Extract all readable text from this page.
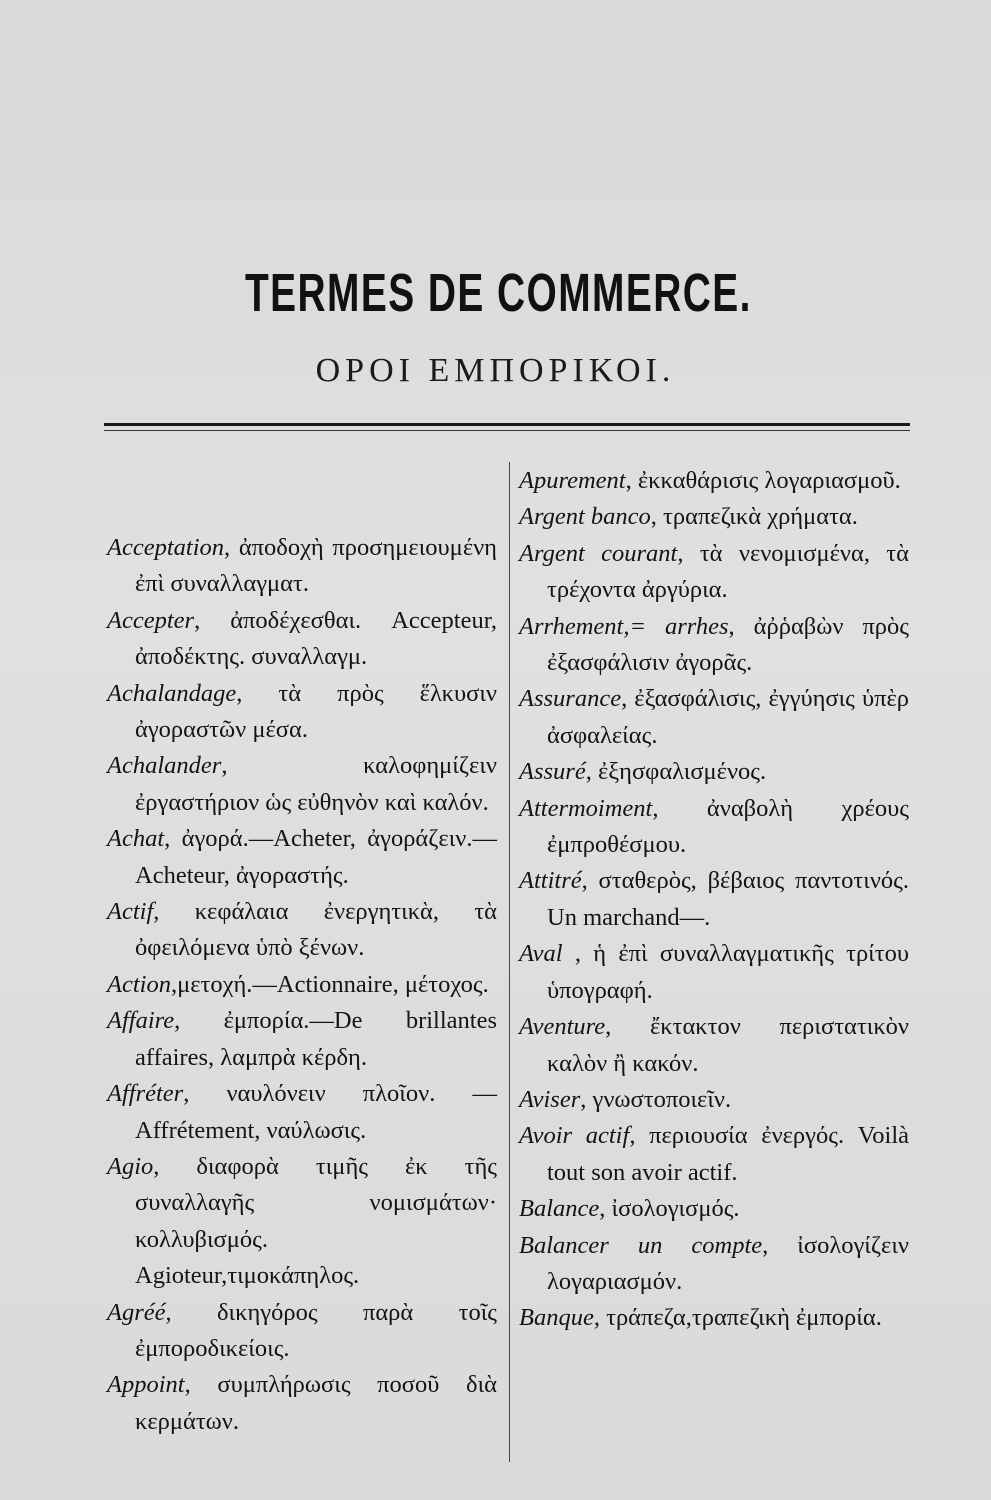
TERMES DE COMMERCE.
ΟΡΟΙ ΕΜΠΟΡΙΚΟΙ.

Acceptation, ἀποδοχὴ προσημειουμένη ἐπὶ συναλλαγματ.

Accepter, ἀποδέχεσθαι. Accepteur, ἀποδέκτης. συναλλαγμ.

Achalandage, τὰ πρὸς ἕλκυσιν ἀγοραστῶν μέσα.

Achalander, καλοφημίζειν ἐργαστήριον ὡς εὐθηνὸν καὶ καλόν.

Achat, ἀγορά.—Acheter, ἀγοράζειν.—Acheteur, ἀγοραστής.

Actif, κεφάλαια ἐνεργητικὰ, τὰ ὀφειλόμενα ὑπὸ ξένων.

Action,μετοχή.—Actionnaire, μέτοχος.

Affaire, ἐμπορία.—De brillantes affaires, λαμπρὰ κέρδη.

Affréter, ναυλόνειν πλοῖον. — Affrétement, ναύλωσις.

Agio, διαφορὰ τιμῆς ἐκ τῆς συναλλαγῆς νομισμάτων· κολλυβισμός. Agioteur,τιμοκάπηλος.

Agréé, δικηγόρος παρὰ τοῖς ἐμποροδικείοις.

Appoint, συμπλήρωσις ποσοῦ διὰ κερμάτων.

Apurement, ἐκκαθάρισις λογαριασμοῦ.

Argent banco, τραπεζικὰ χρήματα.

Argent courant, τὰ νενομισμένα, τὰ τρέχοντα ἀργύρια.

Arrhement,= arrhes, ἀῤῥαβὼν πρὸς ἐξασφάλισιν ἀγορᾶς.

Assurance, ἐξασφάλισις, ἐγγύησις ὑπὲρ ἀσφαλείας.

Assuré, ἐξησφαλισμένος.

Attermoiment, ἀναβολὴ χρέους ἐμπροθέσμου.

Attitré, σταθερὸς, βέβαιος παντοτινός. Un marchand—.

Aval , ἡ ἐπὶ συναλλαγματικῆς τρίτου ὑπογραφή.

Aventure, ἔκτακτον περιστατικὸν καλὸν ἢ κακόν.

Aviser, γνωστοποιεῖν.

Avoir actif, περιουσία ἐνεργός. Voilà tout son avoir actif.

Balance, ἰσολογισμός.

Balancer un compte, ἰσολογίζειν λογαριασμόν.

Banque, τράπεζα,τραπεζικὴ ἐμπορία.
